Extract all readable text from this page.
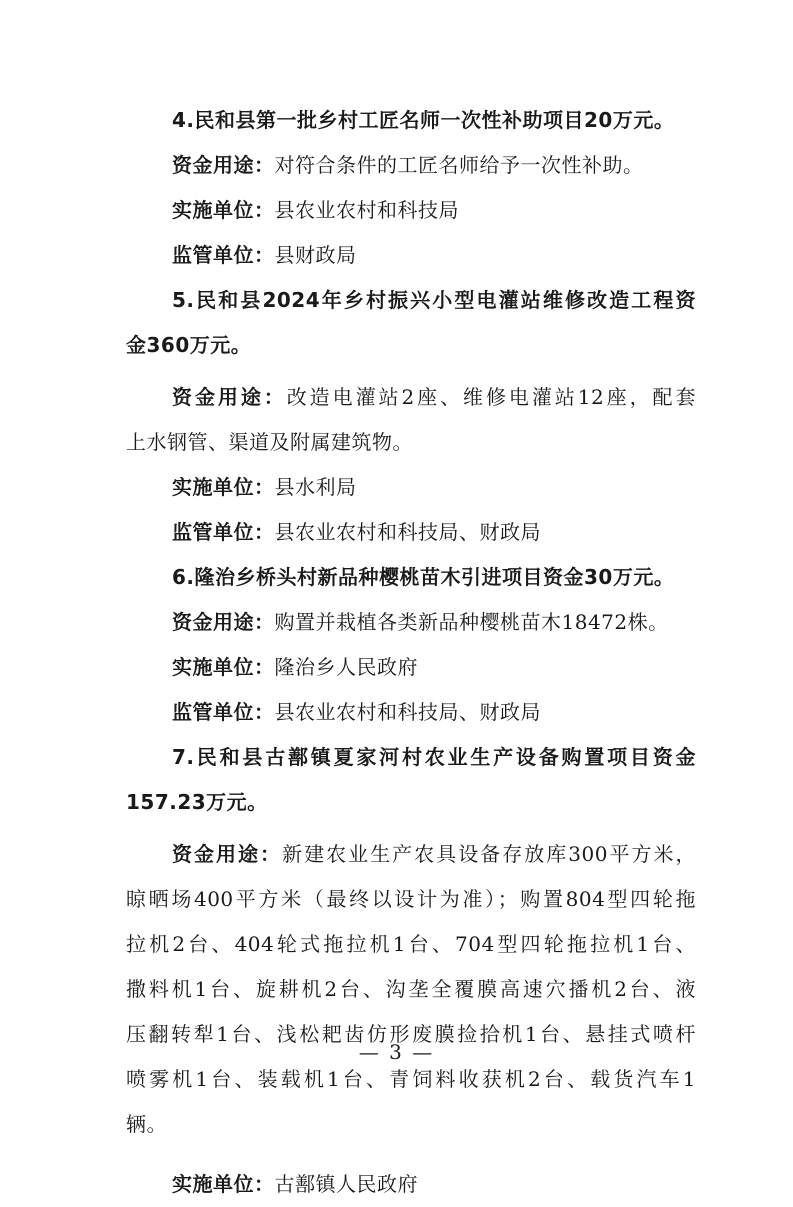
4.民和县第一批乡村工匠名师一次性补助项目20万元。
资金用途：对符合条件的工匠名师给予一次性补助。
实施单位：县农业农村和科技局
监管单位：县财政局
5.民和县2024年乡村振兴小型电灌站维修改造工程资
金360万元。
资金用途：改造电灌站2座、维修电灌站12座，配套
上水钢管、渠道及附属建筑物。
实施单位：县水利局
监管单位：县农业农村和科技局、财政局
6.隆治乡桥头村新品种樱桃苗木引进项目资金30万元。
资金用途：购置并栽植各类新品种樱桃苗木18472株。
实施单位：隆治乡人民政府
监管单位：县农业农村和科技局、财政局
7.民和县古鄯镇夏家河村农业生产设备购置项目资金
157.23万元。
资金用途：新建农业生产农具设备存放库300平方米，
晾晒场400平方米（最终以设计为准）；购置804型四轮拖
拉机2台、404轮式拖拉机1台、704型四轮拖拉机1台、
撒料机1台、旋耕机2台、沟垄全覆膜高速穴播机2台、液
压翻转犁1台、浅松耙齿仿形废膜捡拾机1台、悬挂式喷杆
喷雾机1台、装载机1台、青饲料收获机2台、载货汽车1
辆。
实施单位：古鄯镇人民政府
— 3 —
